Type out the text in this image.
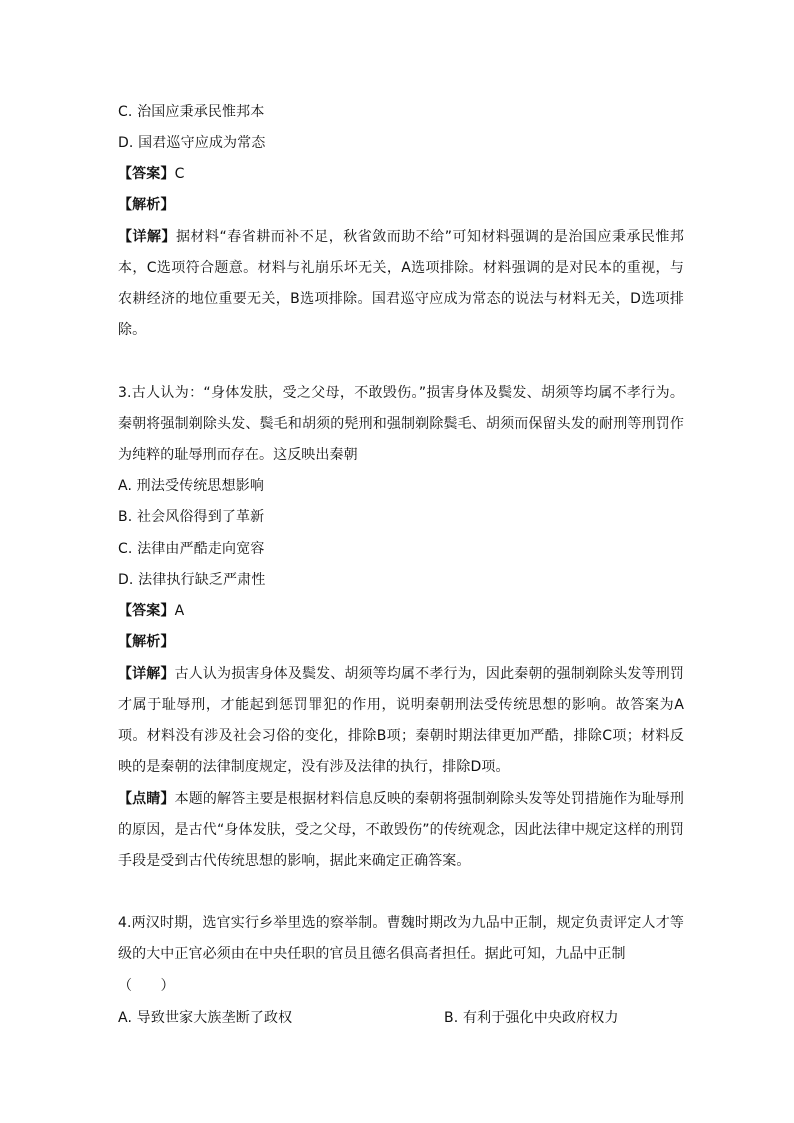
C. 治国应秉承民惟邦本
D. 国君巡守应成为常态
【答案】C
【解析】
【详解】据材料“春省耕而补不足，秋省敛而助不给”可知材料强调的是治国应秉承民惟邦本，C选项符合题意。材料与礼崩乐坏无关，A选项排除。材料强调的是对民本的重视，与农耕经济的地位重要无关，B选项排除。国君巡守应成为常态的说法与材料无关，D选项排除。
3.古人认为：“身体发肤，受之父母，不敢毁伤。”损害身体及鬓发、胡须等均属不孝行为。秦朝将强制剃除头发、鬓毛和胡须的髡刑和强制剃除鬓毛、胡须而保留头发的耐刑等刑罚作为纯粹的耻辱刑而存在。这反映出秦朝
A. 刑法受传统思想影响
B. 社会风俗得到了革新
C. 法律由严酷走向宽容
D. 法律执行缺乏严肃性
【答案】A
【解析】
【详解】古人认为损害身体及鬓发、胡须等均属不孝行为，因此秦朝的强制剃除头发等刑罚才属于耻辱刑，才能起到惩罚罪犯的作用，说明秦朝刑法受传统思想的影响。故答案为A项。材料没有涉及社会习俗的变化，排除B项；秦朝时期法律更加严酷，排除C项；材料反映的是秦朝的法律制度规定，没有涉及法律的执行，排除D项。
【点睛】本题的解答主要是根据材料信息反映的秦朝将强制剃除头发等处罚措施作为耻辱刑的原因，是古代“身体发肤，受之父母，不敢毁伤”的传统观念，因此法律中规定这样的刑罚手段是受到古代传统思想的影响，据此来确定正确答案。
4.两汉时期，选官实行乡举里选的察举制。曹魏时期改为九品中正制，规定负责评定人才等级的大中正官必须由在中央任职的官员且德名俱高者担任。据此可知，九品中正制
（　　）
A. 导致世家大族垄断了政权	B. 有利于强化中央政府权力
